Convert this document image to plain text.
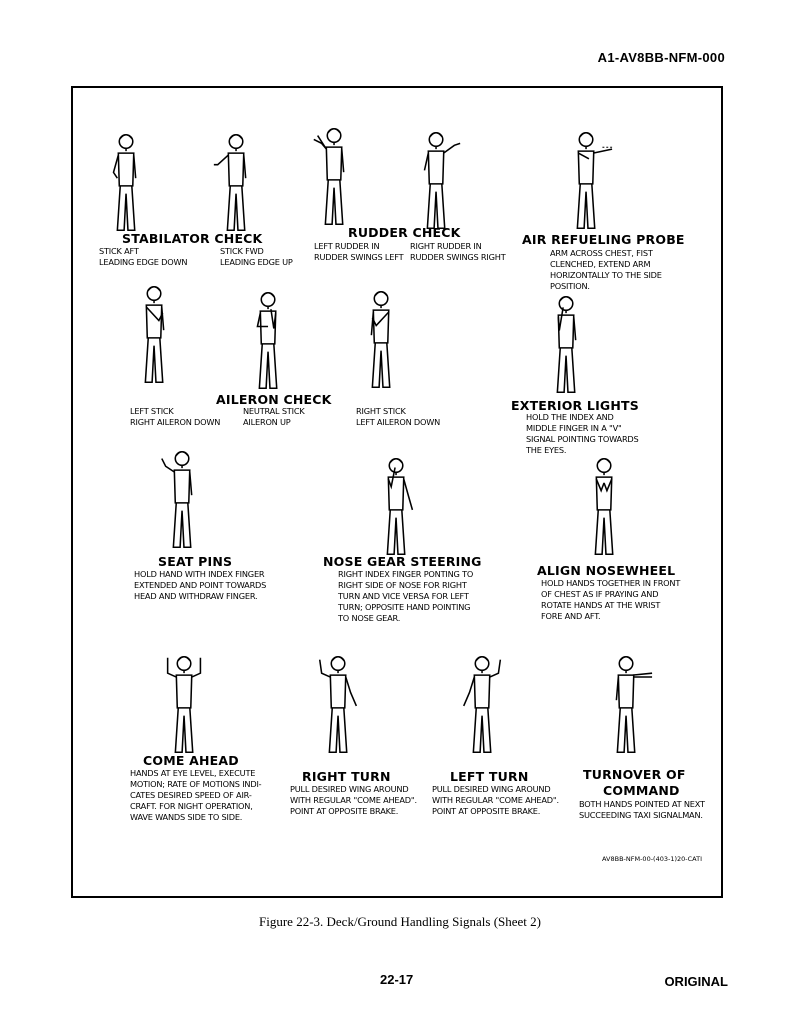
A1-AV8BB-NFM-000
STABILATOR CHECK
STICK AFT
LEADING EDGE DOWN
STICK FWD
LEADING EDGE UP
RUDDER CHECK
LEFT RUDDER IN
RUDDER SWINGS LEFT
RIGHT RUDDER IN
RUDDER SWINGS RIGHT
AIR REFUELING PROBE
ARM ACROSS CHEST, FIST
CLENCHED, EXTEND ARM
HORIZONTALLY TO THE SIDE
POSITION.
AILERON CHECK
LEFT STICK
RIGHT AILERON DOWN
NEUTRAL STICK
AILERON UP
RIGHT STICK
LEFT AILERON DOWN
EXTERIOR LIGHTS
HOLD THE INDEX AND
MIDDLE FINGER IN A "V"
SIGNAL POINTING TOWARDS
THE EYES.
SEAT PINS
HOLD HAND WITH INDEX FINGER
EXTENDED AND POINT TOWARDS
HEAD AND WITHDRAW FINGER.
NOSE GEAR STEERING
RIGHT INDEX FINGER PONTING TO
RIGHT SIDE OF NOSE FOR RIGHT
TURN AND VICE VERSA FOR LEFT
TURN; OPPOSITE HAND POINTING
TO NOSE GEAR.
ALIGN NOSEWHEEL
HOLD HANDS TOGETHER IN FRONT
OF CHEST AS IF PRAYING AND
ROTATE HANDS AT THE WRIST
FORE AND AFT.
COME AHEAD
HANDS AT EYE LEVEL, EXECUTE
MOTION; RATE OF MOTIONS INDI-
CATES DESIRED SPEED OF AIR-
CRAFT. FOR NIGHT OPERATION,
WAVE WANDS SIDE TO SIDE.
RIGHT TURN
PULL DESIRED WING AROUND
WITH REGULAR "COME AHEAD".
POINT AT OPPOSITE BRAKE.
LEFT TURN
PULL DESIRED WING AROUND
WITH REGULAR "COME AHEAD".
POINT AT OPPOSITE BRAKE.
TURNOVER OF
COMMAND
BOTH HANDS POINTED AT NEXT
SUCCEEDING TAXI SIGNALMAN.
AV8BB-NFM-00-(403-1)20-CATI
Figure 22-3. Deck/Ground Handling Signals (Sheet 2)
22-17	ORIGINAL
